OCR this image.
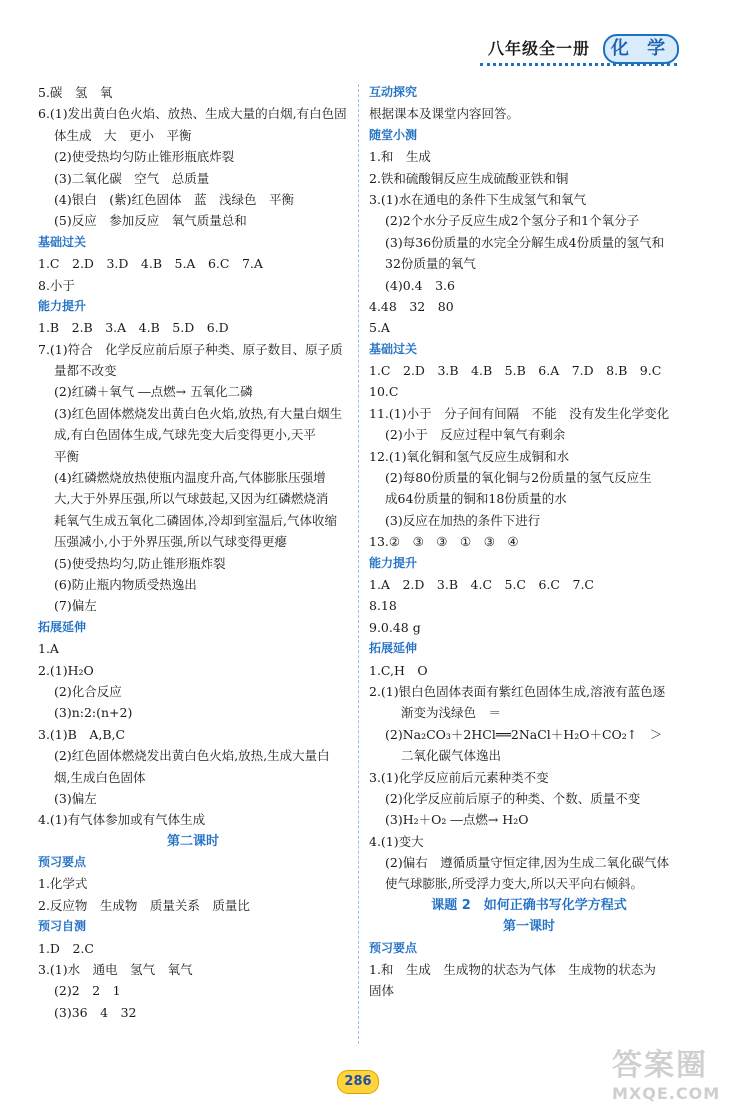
八年级全一册	化 学
5.碳　氢　氧
6.(1)发出黄白色火焰、放热、生成大量的白烟,有白色固
体生成　大　更小　平衡
(2)使受热均匀防止锥形瓶底炸裂
(3)二氧化碳　空气　总质量
(4)银白　(紫)红色固体　蓝　浅绿色　平衡
(5)反应　参加反应　氧气质量总和
基础过关
1.C　2.D　3.D　4.B　5.A　6.C　7.A
8.小于
能力提升
1.B　2.B　3.A　4.B　5.D　6.D
7.(1)符合　化学反应前后原子种类、原子数目、原子质
量都不改变
(2)红磷＋氧气 ―点燃→ 五氧化二磷
(3)红色固体燃烧发出黄白色火焰,放热,有大量白烟生
成,有白色固体生成,气球先变大后变得更小,天平
平衡
(4)红磷燃烧放热使瓶内温度升高,气体膨胀压强增
大,大于外界压强,所以气球鼓起,又因为红磷燃烧消
耗氧气生成五氧化二磷固体,冷却到室温后,气体收缩
压强减小,小于外界压强,所以气球变得更瘪
(5)使受热均匀,防止锥形瓶炸裂
(6)防止瓶内物质受热逸出
(7)偏左
拓展延伸
1.A
2.(1)H₂O
(2)化合反应
(3)n:2:(n+2)
3.(1)B　A,B,C
(2)红色固体燃烧发出黄白色火焰,放热,生成大量白
烟,生成白色固体
(3)偏左
4.(1)有气体参加或有气体生成
第二课时
预习要点
1.化学式
2.反应物　生成物　质量关系　质量比
预习自测
1.D　2.C
3.(1)水　通电　氢气　氧气
(2)2　2　1
(3)36　4　32
互动探究
根据课本及课堂内容回答。
随堂小测
1.和　生成
2.铁和硫酸铜反应生成硫酸亚铁和铜
3.(1)水在通电的条件下生成氢气和氧气
(2)2个水分子反应生成2个氢分子和1个氧分子
(3)每36份质量的水完全分解生成4份质量的氢气和
32份质量的氧气
(4)0.4　3.6
4.48　32　80
5.A
基础过关
1.C　2.D　3.B　4.B　5.B　6.A　7.D　8.B　9.C
10.C
11.(1)小于　分子间有间隔　不能　没有发生化学变化
(2)小于　反应过程中氧气有剩余
12.(1)氧化铜和氢气反应生成铜和水
(2)每80份质量的氧化铜与2份质量的氢气反应生
成64份质量的铜和18份质量的水
(3)反应在加热的条件下进行
13.②　③　③　①　③　④
能力提升
1.A　2.D　3.B　4.C　5.C　6.C　7.C
8.18
9.0.48 g
拓展延伸
1.C,H　O
2.(1)银白色固体表面有紫红色固体生成,溶液有蓝色逐
渐变为浅绿色　＝
(2)Na₂CO₃＋2HCl══2NaCl＋H₂O＋CO₂↑　＞
二氧化碳气体逸出
3.(1)化学反应前后元素种类不变
(2)化学反应前后原子的种类、个数、质量不变
(3)H₂＋O₂ ―点燃→ H₂O
4.(1)变大
(2)偏右　遵循质量守恒定律,因为生成二氧化碳气体
使气球膨胀,所受浮力变大,所以天平向右倾斜。
课题 2　如何正确书写化学方程式
第一课时
预习要点
1.和　生成　生成物的状态为气体　生成物的状态为
固体
286	答案圈
MXQE.COM
